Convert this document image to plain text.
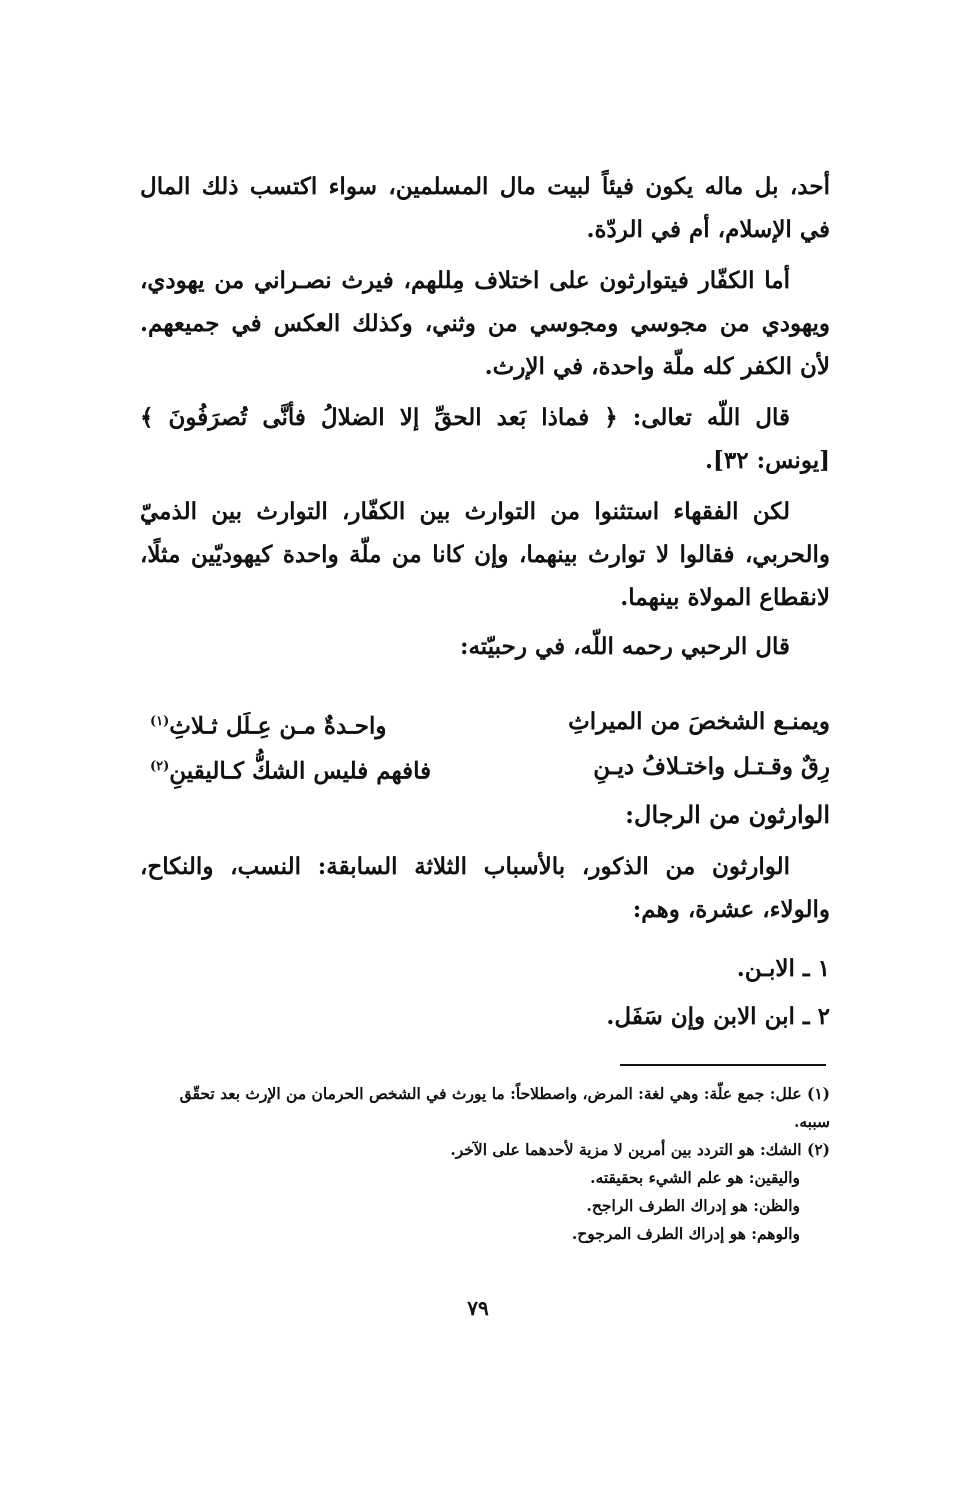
أحد، بل ماله يكون فيئاً لبيت مال المسلمين، سواء اكتسب ذلك المال في الإسلام، أم في الردّة.

أما الكفّار فيتوارثون على اختلاف مِللهم، فيرث نصـراني من يهودي، ويهودي من مجوسي ومجوسي من وثني، وكذلك العكس في جميعهم. لأن الكفر كله ملّة واحدة، في الإرث.

قال اللّه تعالى: ﴿ فماذا بَعد الحقِّ إلا الضلالُ فأنَّى تُصرَفُونَ ﴾ [يونس: ٣٢].

لكن الفقهاء استثنوا من التوارث بين الكفّار، التوارث بين الذميّ والحربي، فقالوا لا توارث بينهما، وإن كانا من ملّة واحدة كيهوديّين مثلًا، لانقطاع المولاة بينهما.

قال الرحبي رحمه اللّه، في رحبيّته:

ويمنـع الشخصَ من الميراثِ
واحـدةٌ مـن عِـلَل ثـلاثِ$^{(١)}$
رِقٌ وقـتـل واختـلافُ ديـنِ
فافهم فليس الشكُّ كـاليقينِ$^{(٢)}$
الوارثون من الرجال:

الوارثون من الذكور، بالأسباب الثلاثة السابقة: النسب، والنكاح، والولاء، عشرة، وهم:

١ ـ الابـن.
٢ ـ ابن الابن وإن سَفَل.

(١) علل: جمع علّة: وهي لغة: المرض، واصطلاحاً: ما يورث في الشخص الحرمان من الإرث بعد تحقّق سببه.

(٢) الشك: هو التردد بين أمرين لا مزية لأحدهما على الآخر.

واليقين: هو علم الشيء بحقيقته.

والظن: هو إدراك الطرف الراجح.

والوهم: هو إدراك الطرف المرجوح.

٧٩
